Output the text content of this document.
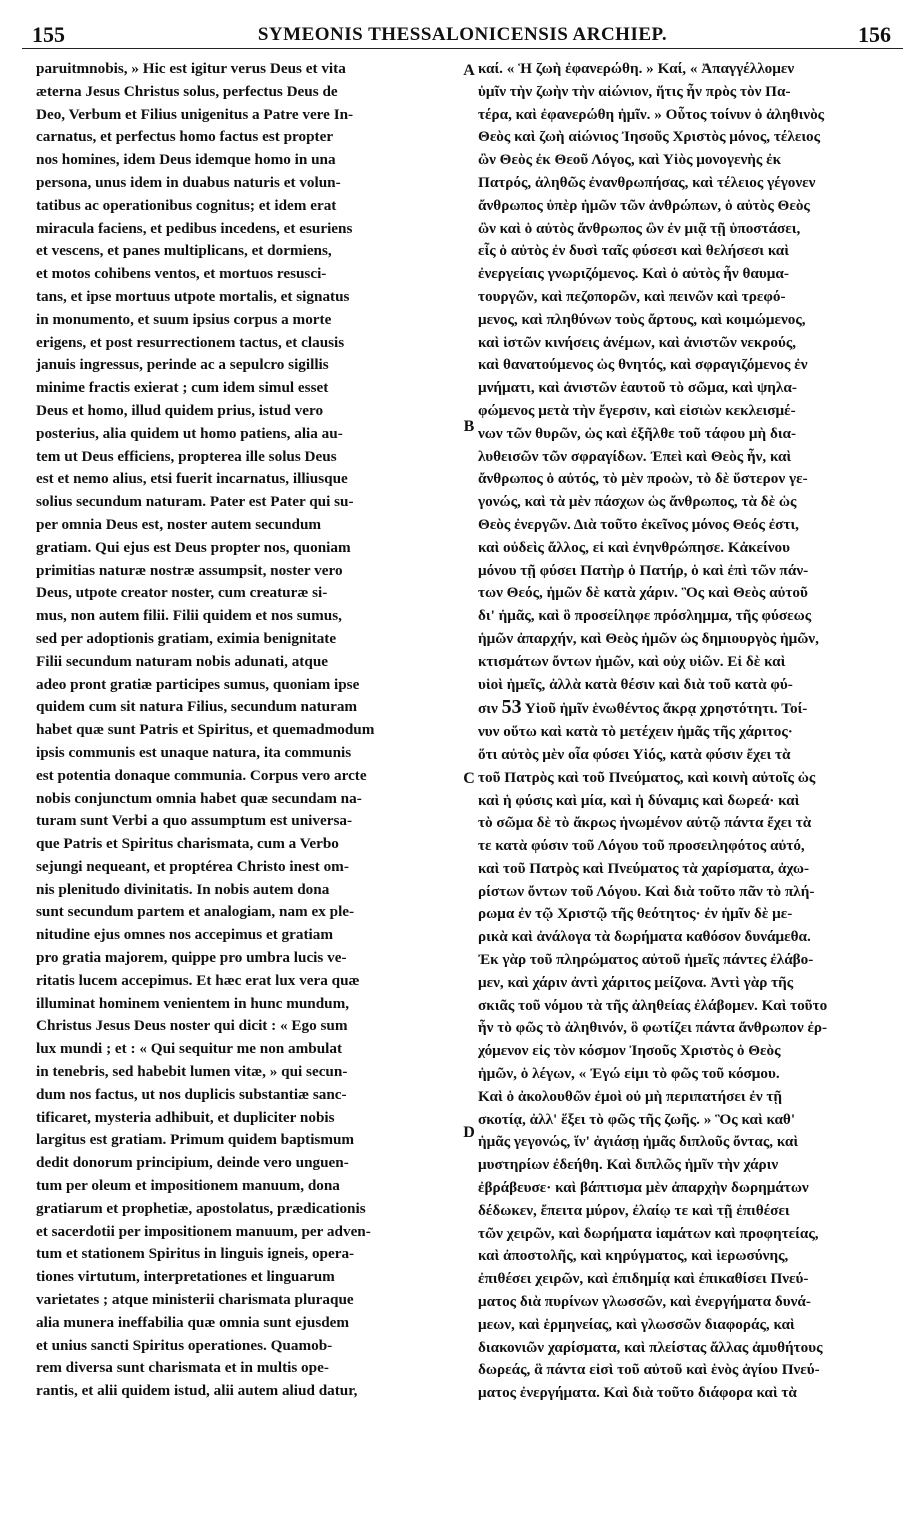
155	SYMEONIS THESSALONICENSIS ARCHIEP.	156
paruitmnobis, » Hic est igitur verus Deus et vita
æterna Jesus Christus solus, perfectus Deus de
Deo, Verbum et Filius unigenitus a Patre vere In-
carnatus, et perfectus homo factus est propter
nos homines, idem Deus idemque homo in una
persona, unus idem in duabus naturis et volun-
tatibus ac operationibus cognitus; et idem erat
miracula faciens, et pedibus incedens, et esuriens
et vescens, et panes multiplicans, et dormiens,
et motos cohibens ventos, et mortuos resusci-
tans, et ipse mortuus utpote mortalis, et signatus
in monumento, et suum ipsius corpus a morte
erigens, et post resurrectionem tactus, et clausis
januis ingressus, perinde ac a sepulcro sigillis
minime fractis exierat ; cum idem simul esset
Deus et homo, illud quidem prius, istud vero
posterius, alia quidem ut homo patiens, alia au-
tem ut Deus efficiens, propterea ille solus Deus
est et nemo alius, etsi fuerit incarnatus, illiusque
solius secundum naturam. Pater est Pater qui su-
per omnia Deus est, noster autem secundum
gratiam. Qui ejus est Deus propter nos, quoniam
primitias naturæ nostræ assumpsit, noster vero
Deus, utpote creator noster, cum creaturæ si-
mus, non autem filii. Filii quidem et nos sumus,
sed per adoptionis gratiam, eximia benignitate
Filii secundum naturam nobis adunati, atque
adeo pront gratiæ participes sumus, quoniam ipse
quidem cum sit natura Filius, secundum naturam
habet quæ sunt Patris et Spiritus, et quemadmodum
ipsis communis est unaque natura, ita communis
est potentia donaque communia. Corpus vero arcte
nobis conjunctum omnia habet quæ secundam na-
turam sunt Verbi a quo assumptum est universa-
que Patris et Spiritus charismata, cum a Verbo
sejungi nequeant, et proptérea Christo inest om-
nis plenitudo divinitatis. In nobis autem dona
sunt secundum partem et analogiam, nam ex ple-
nitudine ejus omnes nos accepimus et gratiam
pro gratia majorem, quippe pro umbra lucis ve-
ritatis lucem accepimus. Et hæc erat lux vera quæ
illuminat hominem venientem in hunc mundum,
Christus Jesus Deus noster qui dicit : « Ego sum
lux mundi ; et : « Qui sequitur me non ambulat
in tenebris, sed habebit lumen vitæ, » qui secun-
dum nos factus, ut nos duplicis substantiæ sanc-
tificaret, mysteria adhibuit, et dupliciter nobis
largitus est gratiam. Primum quidem baptismum
dedit donorum principium, deinde vero unguen-
tum per oleum et impositionem manuum, dona
gratiarum et prophetiæ, apostolatus, prædicationis
et sacerdotii per impositionem manuum, per adven-
tum et stationem Spiritus in linguis igneis, opera-
tiones virtutum, interpretationes et linguarum
varietates ; atque ministerii charismata pluraque
alia munera ineffabilia quæ omnia sunt ejusdem
et unius sancti Spiritus operationes. Quamob-
rem diversa sunt charismata et in multis ope-
rantis, et alii quidem istud, alii autem aliud datur,
A
B
C
D
καί. « Ἡ ζωὴ ἐφανερώθη. » Καί, « Ἀπαγγέλλομεν
ὑμῖν τὴν ζωὴν τὴν αἰώνιον, ἥτις ἦν πρὸς τὸν Πα-
τέρα, καὶ ἐφανερώθη ἡμῖν. » Οὗτος τοίνυν ὁ ἀληθινὸς
Θεὸς καὶ ζωὴ αἰώνιος Ἰησοῦς Χριστὸς μόνος, τέλειος
ὢν Θεὸς ἐκ Θεοῦ Λόγος, καὶ Υἱὸς μονογενὴς ἐκ
Πατρός, ἀληθῶς ἐνανθρωπήσας, καὶ τέλειος γέγονεν
ἄνθρωπος ὑπὲρ ἡμῶν τῶν ἀνθρώπων, ὁ αὐτὸς Θεὸς
ὢν καὶ ὁ αὐτὸς ἄνθρωπος ὢν ἐν μιᾷ τῇ ὑποστάσει,
εἷς ὁ αὐτὸς ἐν δυσὶ ταῖς φύσεσι καὶ θελήσεσι καὶ
ἐνεργείαις γνωριζόμενος. Καὶ ὁ αὐτὸς ἦν θαυμα-
τουργῶν, καὶ πεζοπορῶν, καὶ πεινῶν καὶ τρεφό-
μενος, καὶ πληθύνων τοὺς ἄρτους, καὶ κοιμώμενος,
καὶ ἱστῶν κινήσεις ἀνέμων, καὶ ἀνιστῶν νεκρούς,
καὶ θανατούμενος ὡς θνητός, καὶ σφραγιζόμενος ἐν
μνήματι, καὶ ἀνιστῶν ἑαυτοῦ τὸ σῶμα, καὶ ψηλα-
φώμενος μετὰ τὴν ἔγερσιν, καὶ εἰσιὼν κεκλεισμέ-
νων τῶν θυρῶν, ὡς καὶ ἐξῆλθε τοῦ τάφου μὴ δια-
λυθεισῶν τῶν σφραγίδων. Ἐπεὶ καὶ Θεὸς ἦν, καὶ
ἄνθρωπος ὁ αὐτός, τὸ μὲν προὼν, τὸ δὲ ὕστερον γε-
γονώς, καὶ τὰ μὲν πάσχων ὡς ἄνθρωπος, τὰ δὲ ὡς
Θεὸς ἐνεργῶν. Διὰ τοῦτο ἐκεῖνος μόνος Θεός ἐστι,
καὶ οὐδεὶς ἄλλος, εἰ καὶ ἐνηνθρώπησε. Κἀκείνου
μόνου τῇ φύσει Πατὴρ ὁ Πατήρ, ὁ καὶ ἐπὶ τῶν πάν-
των Θεός, ἡμῶν δὲ κατὰ χάριν. Ὃς καὶ Θεὸς αὐτοῦ
δι' ἡμᾶς, καὶ ὃ προσείληφε πρόσλημμα, τῆς φύσεως
ἡμῶν ἀπαρχήν, καὶ Θεὸς ἡμῶν ὡς δημιουργὸς ἡμῶν,
κτισμάτων ὄντων ἡμῶν, καὶ οὐχ υἱῶν. Εἰ δὲ καὶ
υἱοὶ ἡμεῖς, ἀλλὰ κατὰ θέσιν καὶ διὰ τοῦ κατὰ φύ-
σιν 53 Υἱοῦ ἡμῖν ἑνωθέντος ἄκρᾳ χρηστότητι. Τοί-
νυν οὕτω καὶ κατὰ τὸ μετέχειν ἡμᾶς τῆς χάριτος·
ὅτι αὐτὸς μὲν οἷα φύσει Υἱός, κατὰ φύσιν ἔχει τὰ
τοῦ Πατρὸς καὶ τοῦ Πνεύματος, καὶ κοινὴ αὐτοῖς ὡς
καὶ ἡ φύσις καὶ μία, καὶ ἡ δύναμις καὶ δωρεά· καὶ
τὸ σῶμα δὲ τὸ ἄκρως ἡνωμένον αὐτῷ πάντα ἔχει τὰ
τε κατὰ φύσιν τοῦ Λόγου τοῦ προσειληφότος αὐτό,
καὶ τοῦ Πατρὸς καὶ Πνεύματος τὰ χαρίσματα, ἀχω-
ρίστων ὄντων τοῦ Λόγου. Καὶ διὰ τοῦτο πᾶν τὸ πλή-
ρωμα ἐν τῷ Χριστῷ τῆς θεότητος· ἐν ἡμῖν δὲ με-
ρικὰ καὶ ἀνάλογα τὰ δωρήματα καθόσον δυνάμεθα.
Ἐκ γὰρ τοῦ πληρώματος αὐτοῦ ἡμεῖς πάντες ἐλάβο-
μεν, καὶ χάριν ἀντὶ χάριτος μείζονα. Ἀντὶ γὰρ τῆς
σκιᾶς τοῦ νόμου τὰ τῆς ἀληθείας ἐλάβομεν. Καὶ τοῦτο
ἦν τὸ φῶς τὸ ἀληθινόν, ὃ φωτίζει πάντα ἄνθρωπον ἐρ-
χόμενον εἰς τὸν κόσμον Ἰησοῦς Χριστὸς ὁ Θεὸς
ἡμῶν, ὁ λέγων, « Ἐγώ εἰμι τὸ φῶς τοῦ κόσμου.
Καὶ ὁ ἀκολουθῶν ἐμοὶ οὐ μὴ περιπατήσει ἐν τῇ
σκοτίᾳ, ἀλλ' ἕξει τὸ φῶς τῆς ζωῆς. » Ὃς καὶ καθ'
ἡμᾶς γεγονώς, ἵν' ἁγιάσῃ ἡμᾶς διπλοῦς ὄντας, καὶ
μυστηρίων ἐδεήθη. Καὶ διπλῶς ἡμῖν τὴν χάριν
ἐβράβευσε· καὶ βάπτισμα μὲν ἀπαρχὴν δωρημάτων
δέδωκεν, ἔπειτα μύρον, ἐλαίῳ τε καὶ τῇ ἐπιθέσει
τῶν χειρῶν, καὶ δωρήματα ἰαμάτων καὶ προφητείας,
καὶ ἀποστολῆς, καὶ κηρύγματος, καὶ ἱερωσύνης,
ἐπιθέσει χειρῶν, καὶ ἐπιδημίᾳ καὶ ἐπικαθίσει Πνεύ-
ματος διὰ πυρίνων γλωσσῶν, καὶ ἐνεργήματα δυνά-
μεων, καὶ ἑρμηνείας, καὶ γλωσσῶν διαφοράς, καὶ
διακονιῶν χαρίσματα, καὶ πλείστας ἄλλας ἀμυθήτους
δωρεάς, ἃ πάντα εἰσὶ τοῦ αὐτοῦ καὶ ἑνὸς ἁγίου Πνεύ-
ματος ἐνεργήματα. Καὶ διὰ τοῦτο διάφορα καὶ τὰ
